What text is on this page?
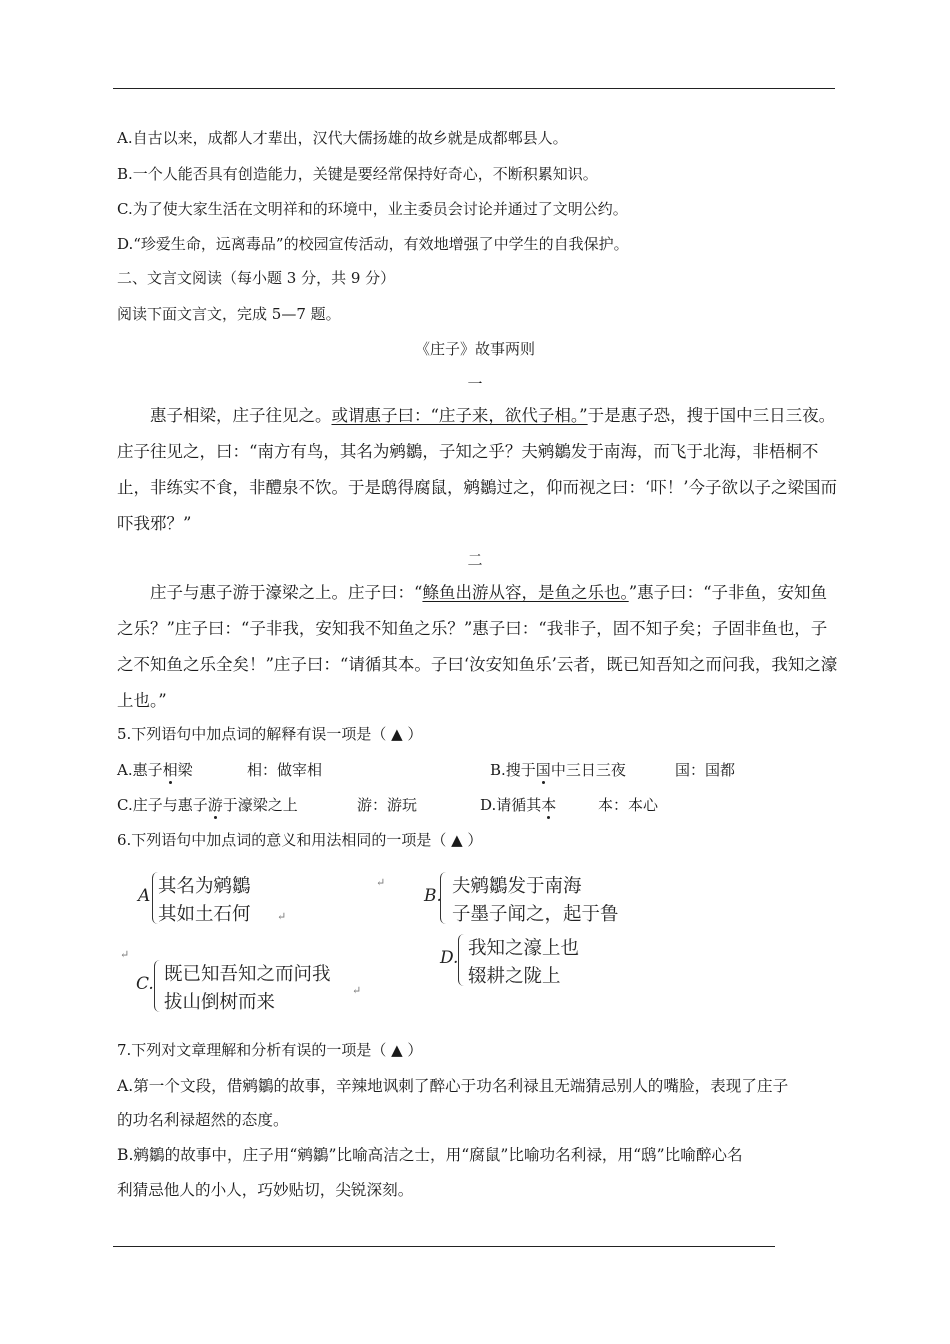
A.自古以来，成都人才辈出，汉代大儒扬雄的故乡就是成都郫县人。
B.一个人能否具有创造能力，关键是要经常保持好奇心，不断积累知识。
C.为了使大家生活在文明祥和的环境中，业主委员会讨论并通过了文明公约。
D.“珍爱生命，远离毒品”的校园宣传活动，有效地增强了中学生的自我保护。
二、文言文阅读（每小题 3 分，共 9 分）
阅读下面文言文，完成 5—7 题。
《庄子》故事两则
一

惠子相梁，庄子往见之。或谓惠子曰：“庄子来，欲代子相。”于是惠子恐，搜于国中三日三夜。庄子往见之，曰：“南方有鸟，其名为鹓鶵，子知之乎？夫鹓鶵发于南海，而飞于北海，非梧桐不止，非练实不食，非醴泉不饮。于是鸱得腐鼠，鹓鶵过之，仰而视之曰：‘吓！’今子欲以子之梁国而吓我邪？”

二

庄子与惠子游于濠梁之上。庄子曰：“鲦鱼出游从容，是鱼之乐也。”惠子曰：“子非鱼，安知鱼之乐？”庄子曰：“子非我，安知我不知鱼之乐？”惠子曰：“我非子，固不知子矣；子固非鱼也，子之不知鱼之乐全矣！”庄子曰：“请循其本。子曰‘汝安知鱼乐’云者，既已知吾知之而问我，我知之濠上也。”

5.下列语句中加点词的解释有误一项是（ ▲ ）
A.惠子相梁	相：做宰相	B.搜于国中三日三夜	国：国都
C.庄子与惠子游于濠梁之上	游：游玩	D.请循其本	本：本心
6.下列语句中加点词的意义和用法相同的一项是（ ▲ ）
A 其名为鹓鶵
其如土石何
↵
↵
B. 夫鹓鶵发于南海
子墨子闻之，起于鲁
↵
C. 既已知吾知之而问我
拔山倒树而来
↵
D. 我知之濠上也
辍耕之陇上
7.下列对文章理解和分析有误的一项是（ ▲ ）
A.第一个文段，借鹓鶵的故事，辛辣地讽刺了醉心于功名利禄且无端猜忌别人的嘴脸，表现了庄子
的功名利禄超然的态度。
B.鹓鶵的故事中，庄子用“鹓鶵”比喻高洁之士，用“腐鼠”比喻功名利禄，用“鸱”比喻醉心名
利猜忌他人的小人，巧妙贴切，尖锐深刻。
